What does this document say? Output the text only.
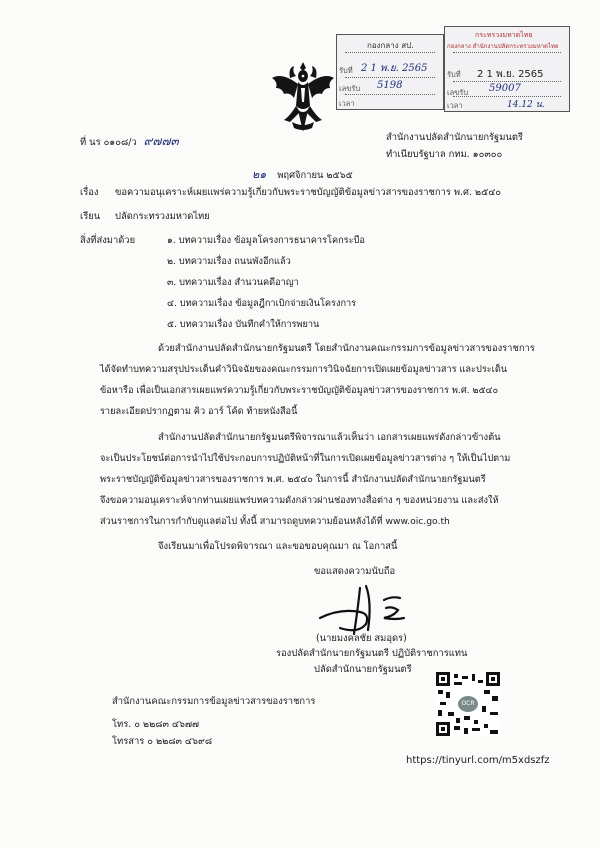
กองกลาง สป.
รับที่ 2 1 พ.ย. 2565
เลขรับ 5198
เวลา
กระทรวงมหาดไทย
กองกลาง สำนักงานปลัดกระทรวงมหาดไทย
รับที่ 2 1 พ.ย. 2565
เลขรับ 59007
เวลา	14.12 น.
ที่ นร ๐๑๐๘/ว ๙๗๗๓	สำนักงานปลัดสำนักนายกรัฐมนตรี
ทำเนียบรัฐบาล กทม. ๑๐๓๐๐
๒๑ พฤศจิกายน ๒๕๖๕
เรื่อง ขอความอนุเคราะห์เผยแพร่ความรู้เกี่ยวกับพระราชบัญญัติข้อมูลข่าวสารของราชการ พ.ศ. ๒๕๔๐
เรียน ปลัดกระทรวงมหาดไทย
สิ่งที่ส่งมาด้วย	๑. บทความเรื่อง ข้อมูลโครงการธนาคารโคกระบือ
๒. บทความเรื่อง ถนนพังอีกแล้ว
๓. บทความเรื่อง สำนวนคดีอาญา
๔. บทความเรื่อง ข้อมูลฎีกาเบิกจ่ายเงินโครงการ
๕. บทความเรื่อง บันทึกคำให้การพยาน
ด้วยสำนักงานปลัดสำนักนายกรัฐมนตรี โดยสำนักงานคณะกรรมการข้อมูลข่าวสารของราชการ
ได้จัดทำบทความสรุปประเด็นคำวินิจฉัยของคณะกรรมการวินิจฉัยการเปิดเผยข้อมูลข่าวสาร และประเด็น
ข้อหารือ เพื่อเป็นเอกสารเผยแพร่ความรู้เกี่ยวกับพระราชบัญญัติข้อมูลข่าวสารของราชการ พ.ศ. ๒๕๔๐
รายละเอียดปรากฏตาม คิว อาร์ โค้ด ท้ายหนังสือนี้
สำนักงานปลัดสำนักนายกรัฐมนตรีพิจารณาแล้วเห็นว่า เอกสารเผยแพร่ดังกล่าวข้างต้น
จะเป็นประโยชน์ต่อการนำไปใช้ประกอบการปฏิบัติหน้าที่ในการเปิดเผยข้อมูลข่าวสารต่าง ๆ ให้เป็นไปตาม
พระราชบัญญัติข้อมูลข่าวสารของราชการ พ.ศ. ๒๕๔๐ ในการนี้ สำนักงานปลัดสำนักนายกรัฐมนตรี
จึงขอความอนุเคราะห์จากท่านเผยแพร่บทความดังกล่าวผ่านช่องทางสื่อต่าง ๆ ของหน่วยงาน และส่งให้
ส่วนราชการในการกำกับดูแลต่อไป ทั้งนี้ สามารถดูบทความย้อนหลังได้ที่ www.oic.go.th
จึงเรียนมาเพื่อโปรดพิจารณา และขอขอบคุณมา ณ โอกาสนี้
ขอแสดงความนับถือ
(นายมงคลชัย สมอุดร)
รองปลัดสำนักนายกรัฐมนตรี ปฏิบัติราชการแทน
ปลัดสำนักนายกรัฐมนตรี
สำนักงานคณะกรรมการข้อมูลข่าวสารของราชการ
โทร. ๐ ๒๒๘๓ ๔๖๗๗
โทรสาร ๐ ๒๒๘๓ ๔๖๙๘
OCR
https://tinyurl.com/m5xdszfz
